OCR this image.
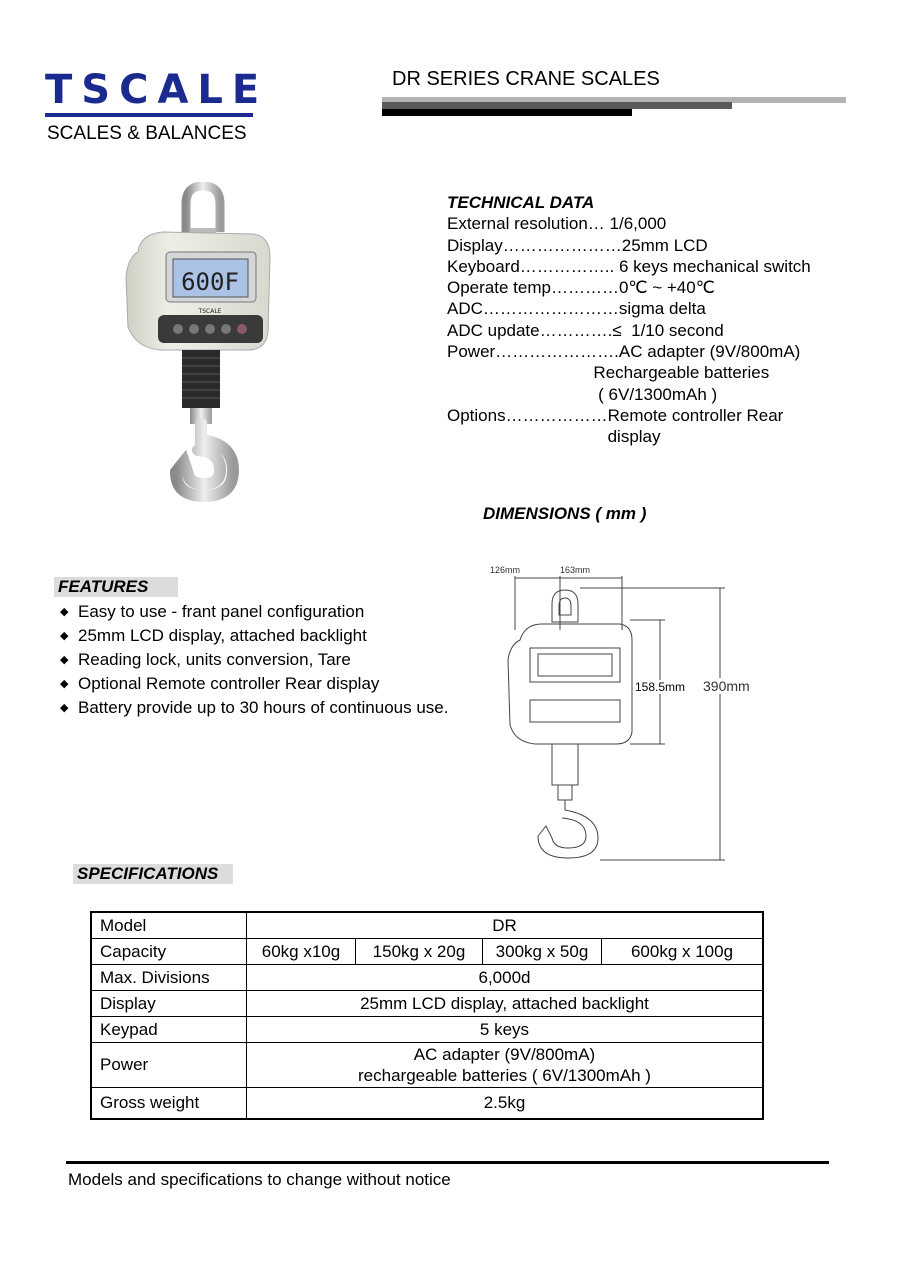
TSCALE
SCALES & BALANCES
DR SERIES CRANE SCALES
600F
TSCALE
TECHNICAL DATA
External resolution… 1/6,000
Display…………………25mm LCD
Keyboard…………….. 6 keys mechanical switch
Operate temp…………0℃ ~ +40℃
ADC……………………sigma delta
ADC update………….≤  1/10 second
Power………………….AC adapter (9V/800mA)
Rechargeable batteries
( 6V/1300mAh )
Options………………Remote controller Rear
display
DIMENSIONS ( mm )
126mm	163mm
158.5mm 390mm
FEATURES
◆ Easy to use - frant panel configuration
◆ 25mm LCD display, attached backlight
◆ Reading lock, units conversion, Tare
◆ Optional Remote controller Rear display
◆ Battery provide up to 30 hours of continuous use.
SPECIFICATIONS
Model	DR			
Capacity	60kg x10g	150kg x 20g	300kg x 50g	600kg x 100g
Max. Divisions	6,000d			
Display	25mm LCD display, attached backlight			
Keypad	5 keys			
Power	AC adapter (9V/800mA)
rechargeable batteries ( 6V/1300mAh )			

Gross weight	2.5kg			
Models and specifications to change without notice
